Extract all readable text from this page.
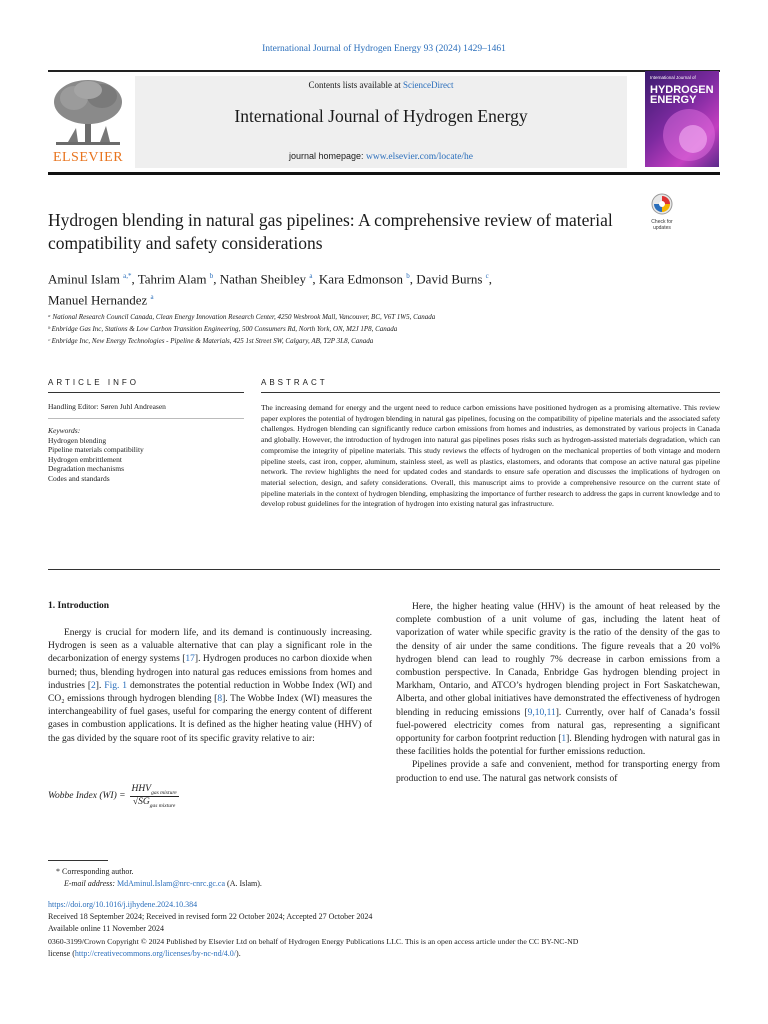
International Journal of Hydrogen Energy 93 (2024) 1429–1461
ELSEVIER
Contents lists available at ScienceDirect
International Journal of Hydrogen Energy
journal homepage: www.elsevier.com/locate/he
International Journal of
HYDROGEN
ENERGY
Check for
updates
Hydrogen blending in natural gas pipelines: A comprehensive review of material compatibility and safety considerations
Aminul Islam $^{a,*}$, Tahrim Alam $^b$, Nathan Sheibley $^a$, Kara Edmonson $^b$, David Burns $^c$,
Manuel Hernandez $^a$
ᵃ National Research Council Canada, Clean Energy Innovation Research Center, 4250 Wesbrook Mall, Vancouver, BC, V6T 1W5, Canada
ᵇ Enbridge Gas Inc, Stations & Low Carbon Transition Engineering, 500 Consumers Rd, North York, ON, M2J 1P8, Canada
ᶜ Enbridge Inc, New Energy Technologies - Pipeline & Materials, 425 1st Street SW, Calgary, AB, T2P 3L8, Canada
ARTICLE INFO
Handling Editor: Søren Juhl Andreasen
Keywords:
Hydrogen blending
Pipeline materials compatibility
Hydrogen embrittlement
Degradation mechanisms
Codes and standards
ABSTRACT
The increasing demand for energy and the urgent need to reduce carbon emissions have positioned hydrogen as a promising alternative. This review paper explores the potential of hydrogen blending in natural gas pipelines, focusing on the compatibility of pipeline materials and the associated safety challenges. Hydrogen blending can significantly reduce carbon emissions from homes and industries, as demonstrated by various projects in Canada and globally. However, the introduction of hydrogen into natural gas pipelines poses risks such as hydrogen-assisted materials degradation, which can compromise the integrity of pipeline materials. This study reviews the effects of hydrogen on the mechanical properties of both vintage and modern pipeline steels, cast iron, copper, aluminum, stainless steel, as well as plastics, elastomers, and odorants that compose an active natural gas pipeline network. The review highlights the need for updated codes and standards to ensure safe operation and discusses the implications of hydrogen on material selection, design, and safety considerations. Overall, this manuscript aims to provide a comprehensive resource on the current state of pipeline materials in the context of hydrogen blending, emphasizing the importance of further research to address the gaps in current knowledge and to develop robust guidelines for the integration of hydrogen into existing natural gas infrastructure.
1. Introduction

Energy is crucial for modern life, and its demand is continuously increasing. Hydrogen is seen as a valuable alternative that can play a significant role in the decarbonization of energy systems [17]. Hydrogen produces no carbon dioxide when burned; thus, blending hydrogen into natural gas reduces emissions from homes and industries [2]. Fig. 1 demonstrates the potential reduction in Wobbe Index (WI) and CO₂ emissions through hydrogen blending [8]. The Wobbe Index (WI) measures the interchangeability of fuel gases, useful for comparing the energy content of different gases in combustion applications. It is defined as the higher heating value (HHV) of the gas divided by the square root of its specific gravity relative to air:

Wobbe Index (WI) =
$HHV_{gas mixture}$
$√SG_{gas mixture}$

Here, the higher heating value (HHV) is the amount of heat released by the complete combustion of a unit volume of gas, including the latent heat of vaporization of water while specific gravity is the ratio of the density of the gas to the density of air under the same conditions. The figure reveals that a 20 vol% hydrogen blend can lead to roughly 7% decrease in carbon emissions from a combustion perspective. In Canada, Enbridge Gas hydrogen blending project in Markham, Ontario, and ATCO’s hydrogen blending project in Fort Saskatchewan, Alberta, and other global initiatives have demonstrated the effectiveness of hydrogen blending in reducing emissions [9,10,11]. Currently, over half of Canada’s fossil fuel-powered electricity comes from natural gas, representing a significant opportunity for carbon footprint reduction [1]. Blending hydrogen with natural gas in these facilities holds the potential for further emissions reduction.

Pipelines provide a safe and convenient, method for transporting energy from production to end use. The natural gas network consists of

* Corresponding author.
E-mail address: MdAminul.Islam@nrc-cnrc.gc.ca (A. Islam).
https://doi.org/10.1016/j.ijhydene.2024.10.384
Received 18 September 2024; Received in revised form 22 October 2024; Accepted 27 October 2024
Available online 11 November 2024
0360-3199/Crown Copyright © 2024 Published by Elsevier Ltd on behalf of Hydrogen Energy Publications LLC. This is an open access article under the CC BY-NC-ND
license (http://creativecommons.org/licenses/by-nc-nd/4.0/).
